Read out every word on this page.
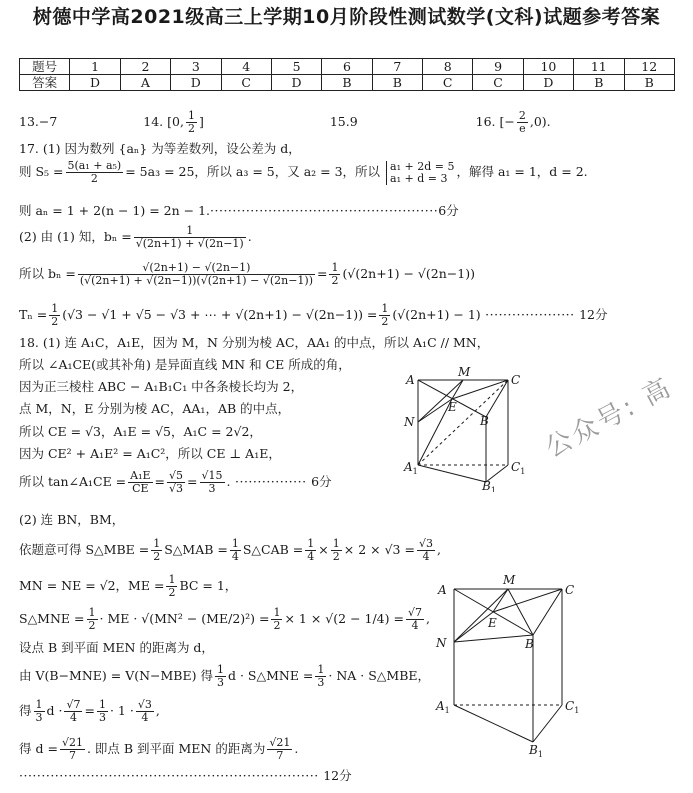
树德中学高2021级高三上学期10月阶段性测试数学(文科)试题参考答案
题号	1	2	3	4	5	6	7	8	9	10	11	12
答案	D	A	D	C	D	B	B	C	C	D	B	B
13.−7	14. [0, $\frac{1}{2}$ ]	15.9	16. [− $\frac{2}{e} ,0$).
17. (1) 因为数列 {aₙ} 为等差数列，设公差为 d，
则 $S_5 = \frac{\text{5(a₁ + a₅)}}{2} = 5a_3 = 25$，所以 a₃ = 5，又 a₂ = 3，所以 a₁ + 2d = 5
a₁ + d = 3 ，解得 a₁ = 1，d = 2.
则 aₙ = 1 + 2(n − 1) = 2n − 1.···················································6分
(2) 由 (1) 知，$b_n = \frac{1}{√(2n+1) + √(2n-1)}$ .
所以 $b_n = \frac{√(2n+1) - √(2n-1)}{(√(2n+1) + √(2n-1))(√(2n+1) - √(2n-1))} = \frac{1}{2} (√(2n+1) - √(2n-1))$
$T_n = \frac{1}{2} (√3 - √1 + √5 - √3$ + ⋯ + $√(2n+1) - √(2n-1)) = \frac{1}{2} (√(2n+1) - 1)$ ···················· 12分
18. (1) 连 A₁C，A₁E，因为 M，N 分别为棱 AC，AA₁ 的中点，所以 A₁C // MN，
所以 ∠A₁CE(或其补角) 是异面直线 MN 和 CE 所成的角，
因为正三棱柱 ABC − A₁B₁C₁ 中各条棱长均为 2，
点 M，N，E 分别为棱 AC，AA₁，AB 的中点，
所以 CE = √3，A₁E = √5，A₁C = 2√2，
因为 CE² + A₁E² = A₁C²，所以 CE ⊥ A₁E，
所以 tan∠A₁CE = $\frac{\text{A₁E}}{CE} = \frac{√5}{√3} = \frac{√15}{3}$ . ················ 6分
(2) 连 BN，BM，
依题意可得 S△MBE = $\frac{1}{2}$ S△MAB = $\frac{1}{4}$ S△CAB = $\frac{1}{4} \times \frac{1}{2} \times 2 \times √3 = \frac{√3}{4}$ ,
MN = NE = √2，ME = $\frac{1}{2}$ BC = 1，
S△MNE = $\frac{1}{2}$ · ME · $√(MN^2 - (ME/2)^2) = \frac{1}{2} \times 1 \times √(2 - 1/4) = \frac{√7}{4}$ ,
设点 B 到平面 MEN 的距离为 d，
由 V(B−MNE) = V(N−MBE) 得 $\frac{1}{3}$ d · S△MNE = $\frac{1}{3}$ · NA · S△MBE，
得 $\frac{1}{3}$ $d \cdot \frac{√7}{4} = \frac{1}{3} \cdot 1 \cdot \frac{√3}{4}$ ,
得 $d = \frac{√21}{7}$ . 即点 B 到平面 MEN 的距离为 $\frac{√21}{7}$ .
··································································· 12分
A
M
C
E
B
N
$A_1$	$C_1$
$B_1$
A
M
C
E
B
N
$A_1$	$C_1$
$B_1$
公众号: 高
